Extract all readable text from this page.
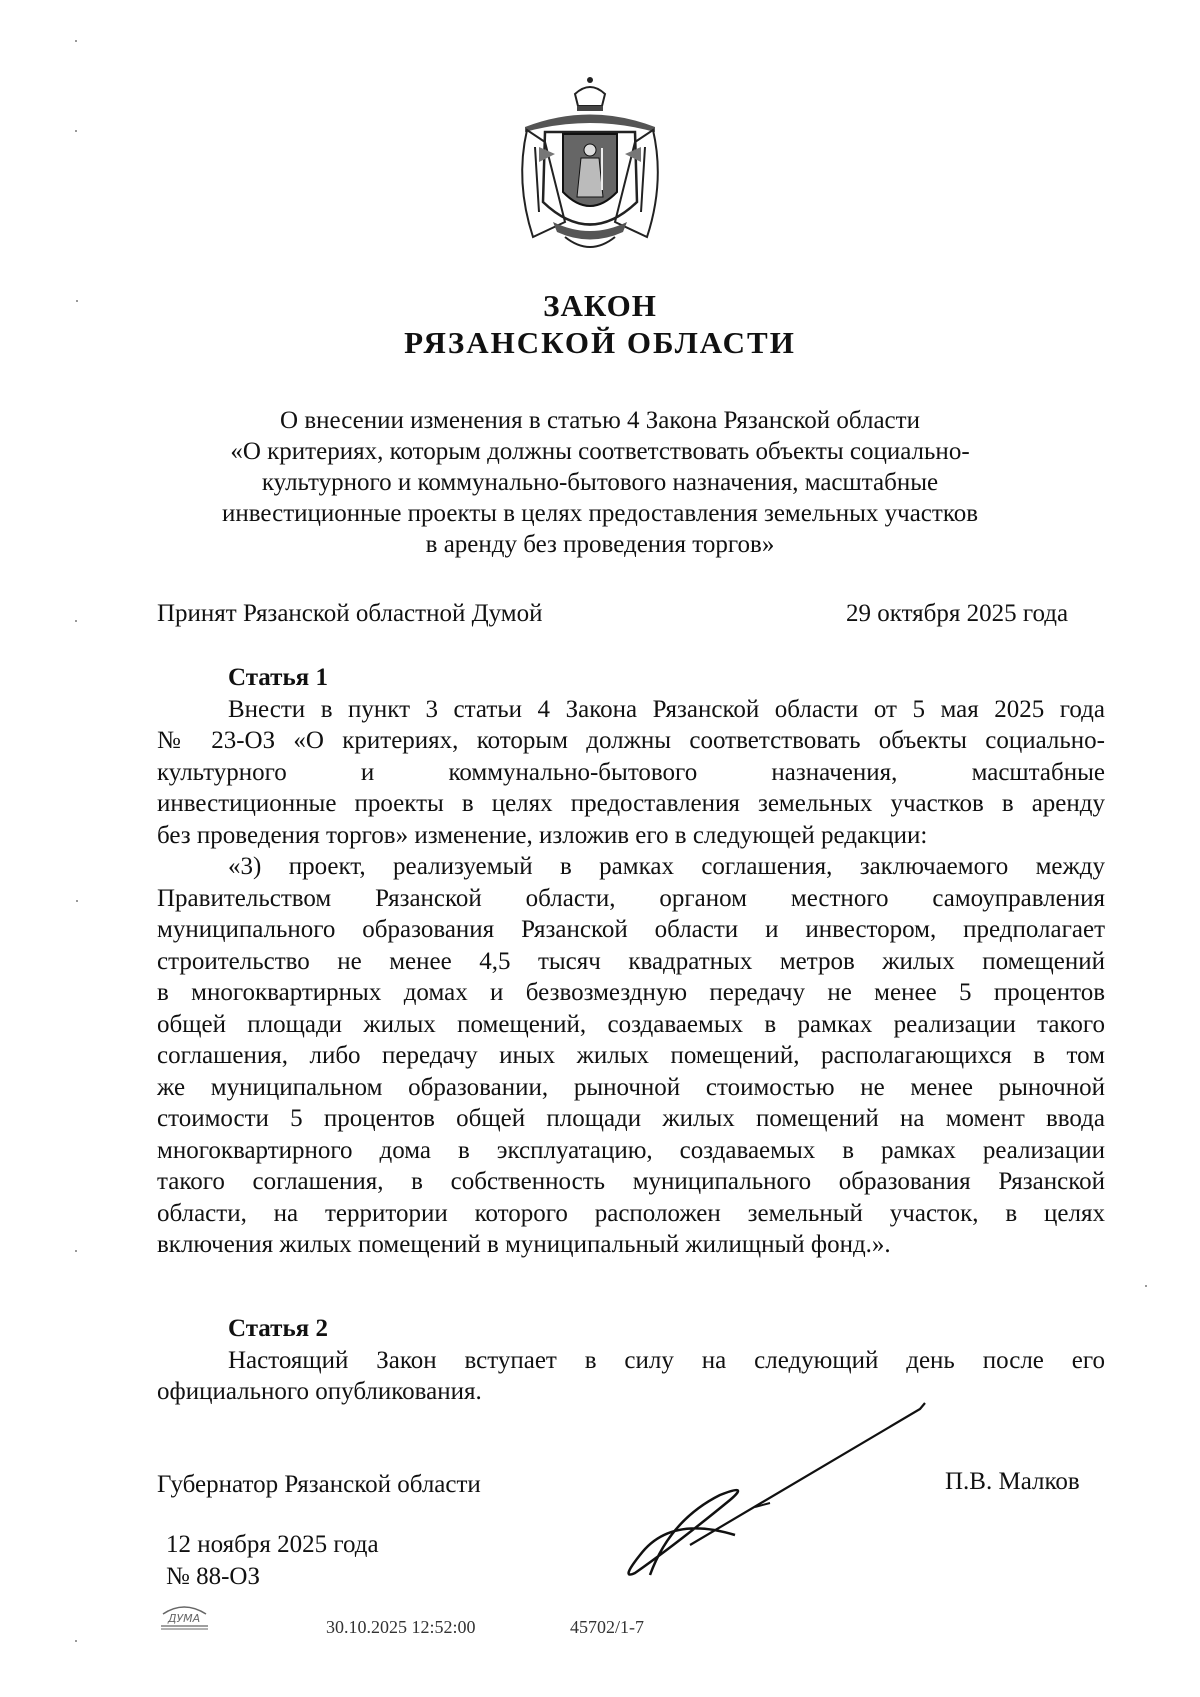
ЗАКОН
РЯЗАНСКОЙ ОБЛАСТИ
О внесении изменения в статью 4 Закона Рязанской области
«О критериях, которым должны соответствовать объекты социально-
культурного и коммунально-бытового назначения, масштабные
инвестиционные проекты в целях предоставления земельных участков
в аренду без проведения торгов»
Принят Рязанской областной Думой	29 октября 2025 года
Статья 1
Внести в пункт 3 статьи 4 Закона Рязанской области от 5 мая 2025 года
№ 23-ОЗ «О критериях, которым должны соответствовать объекты социально-
культурного и коммунально-бытового назначения, масштабные
инвестиционные проекты в целях предоставления земельных участков в аренду
без проведения торгов» изменение, изложив его в следующей редакции:
«3) проект, реализуемый в рамках соглашения, заключаемого между
Правительством Рязанской области, органом местного самоуправления
муниципального образования Рязанской области и инвестором, предполагает
строительство не менее 4,5 тысяч квадратных метров жилых помещений
в многоквартирных домах и безвозмездную передачу не менее 5 процентов
общей площади жилых помещений, создаваемых в рамках реализации такого
соглашения, либо передачу иных жилых помещений, располагающихся в том
же муниципальном образовании, рыночной стоимостью не менее рыночной
стоимости 5 процентов общей площади жилых помещений на момент ввода
многоквартирного дома в эксплуатацию, создаваемых в рамках реализации
такого соглашения, в собственность муниципального образования Рязанской
области, на территории которого расположен земельный участок, в целях
включения жилых помещений в муниципальный жилищный фонд.».
Статья 2
Настоящий Закон вступает в силу на следующий день после его
официального опубликования.
Губернатор Рязанской области	П.В. Малков
12 ноября 2025 года
№ 88-ОЗ
ДУМА	30.10.2025 12:52:00	45702/1-7
